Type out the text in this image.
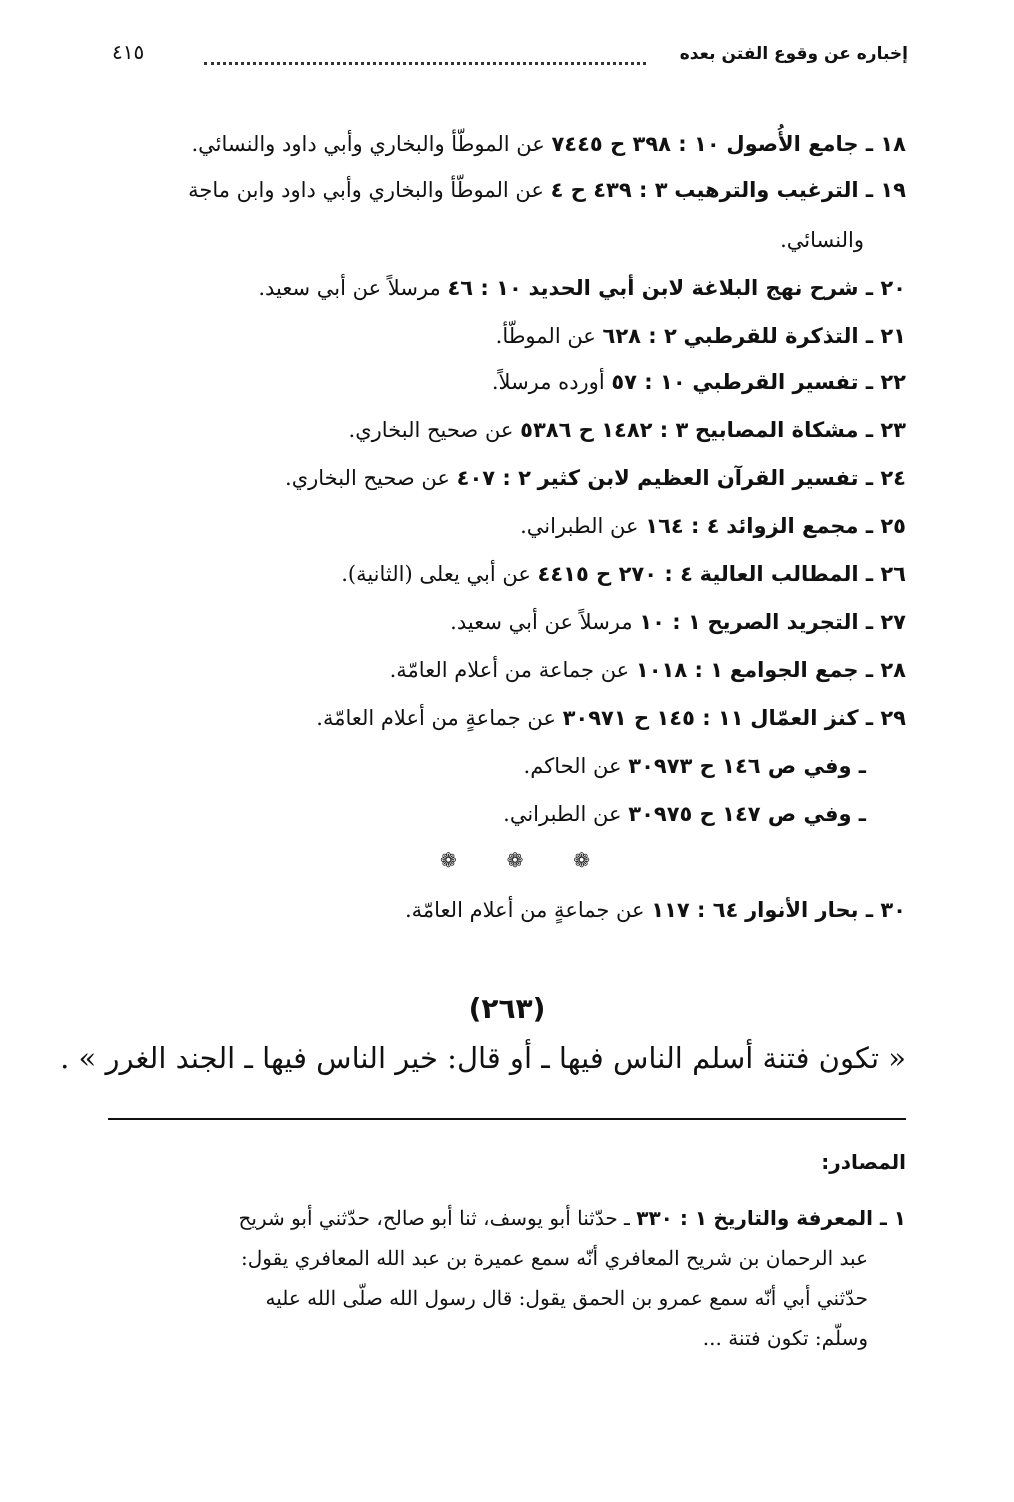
إخباره عن وقوع الفتن بعده
٤١٥
١٨ ـ جامع الأُصول ١٠ : ٣٩٨ ح ٧٤٤٥ عن الموطّأ والبخاري وأبي داود والنسائي.
١٩ ـ الترغيب والترهيب ٣ : ٤٣٩ ح ٤ عن الموطّأ والبخاري وأبي داود وابن ماجة
والنسائي.
٢٠ ـ شرح نهج البلاغة لابن أبي الحديد ١٠ : ٤٦ مرسلاً عن أبي سعيد.
٢١ ـ التذكرة للقرطبي ٢ : ٦٢٨ عن الموطّأ.
٢٢ ـ تفسير القرطبي ١٠ : ٥٧ أورده مرسلاً.
٢٣ ـ مشكاة المصابيح ٣ : ١٤٨٢ ح ٥٣٨٦ عن صحيح البخاري.
٢٤ ـ تفسير القرآن العظيم لابن كثير ٢ : ٤٠٧ عن صحيح البخاري.
٢٥ ـ مجمع الزوائد ٤ : ١٦٤ عن الطبراني.
٢٦ ـ المطالب العالية ٤ : ٢٧٠ ح ٤٤١٥ عن أبي يعلى (الثانية).
٢٧ ـ التجريد الصريح ١ : ١٠ مرسلاً عن أبي سعيد.
٢٨ ـ جمع الجوامع ١ : ١٠١٨ عن جماعة من أعلام العامّة.
٢٩ ـ كنز العمّال ١١ : ١٤٥ ح ٣٠٩٧١ عن جماعةٍ من أعلام العامّة.
ـ وفي ص ١٤٦ ح ٣٠٩٧٣ عن الحاكم.
ـ وفي ص ١٤٧ ح ٣٠٩٧٥ عن الطبراني.
❁ ❁ ❁
٣٠ ـ بحار الأنوار ٦٤ : ١١٧ عن جماعةٍ من أعلام العامّة.
(٢٦٣)
« تكون فتنة أسلم الناس فيها ـ أو قال: خير الناس فيها ـ الجند الغرر » .
المصادر:
١ ـ المعرفة والتاريخ ١ : ٣٣٠ ـ حدّثنا أبو يوسف، ثنا أبو صالح، حدّثني أبو شريح
عبد الرحمان بن شريح المعافري أنّه سمع عميرة بن عبد الله المعافري يقول:
حدّثني أبي أنّه سمع عمرو بن الحمق يقول: قال رسول الله صلّى الله عليه
وسلّم: تكون فتنة ...
